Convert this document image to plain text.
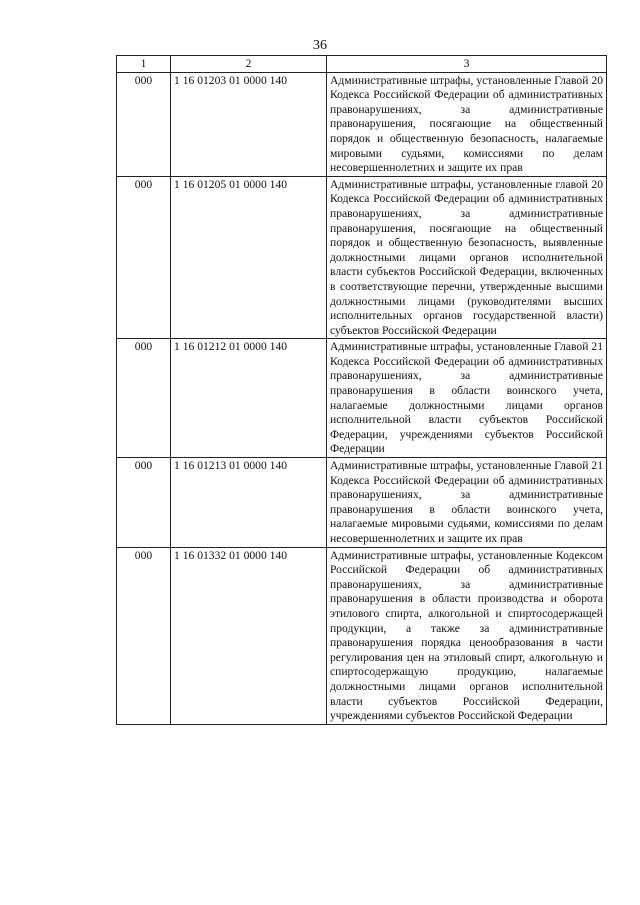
36
1	2	3
000	1 16 01203 01 0000 140	Административные штрафы, установленные Главой 20 Кодекса Российской Федерации об административных правонарушениях, за административные правонарушения, посягающие на общественный порядок и общественную безопасность, налагаемые мировыми судьями, комиссиями по делам несовершеннолетних и защите их прав
000	1 16 01205 01 0000 140	Административные штрафы, установленные главой 20 Кодекса Российской Федерации об административных правонарушениях, за административные правонарушения, посягающие на общественный порядок и общественную безопасность, выявленные должностными лицами органов исполнительной власти субъектов Российской Федерации, включенных в соответствующие перечни, утвержденные высшими должностными лицами (руководителями высших исполнительных органов государственной власти) субъектов Российской Федерации
000	1 16 01212 01 0000 140	Административные штрафы, установленные Главой 21 Кодекса Российской Федерации об административных правонарушениях, за административные правонарушения в области воинского учета, налагаемые должностными лицами органов исполнительной власти субъектов Российской Федерации, учреждениями субъектов Российской Федерации
000	1 16 01213 01 0000 140	Административные штрафы, установленные Главой 21 Кодекса Российской Федерации об административных правонарушениях, за административные правонарушения в области воинского учета, налагаемые мировыми судьями, комиссиями по делам несовершеннолетних и защите их прав
000	1 16 01332 01 0000 140	Административные штрафы, установленные Кодексом Российской Федерации об административных правонарушениях, за административные правонарушения в области производства и оборота этилового спирта, алкогольной и спиртосодержащей продукции, а также за административные правонарушения порядка ценообразования в части регулирования цен на этиловый спирт, алкогольную и спиртосодержащую продукцию, налагаемые должностными лицами органов исполнительной власти субъектов Российской Федерации, учреждениями субъектов Российской Федерации
